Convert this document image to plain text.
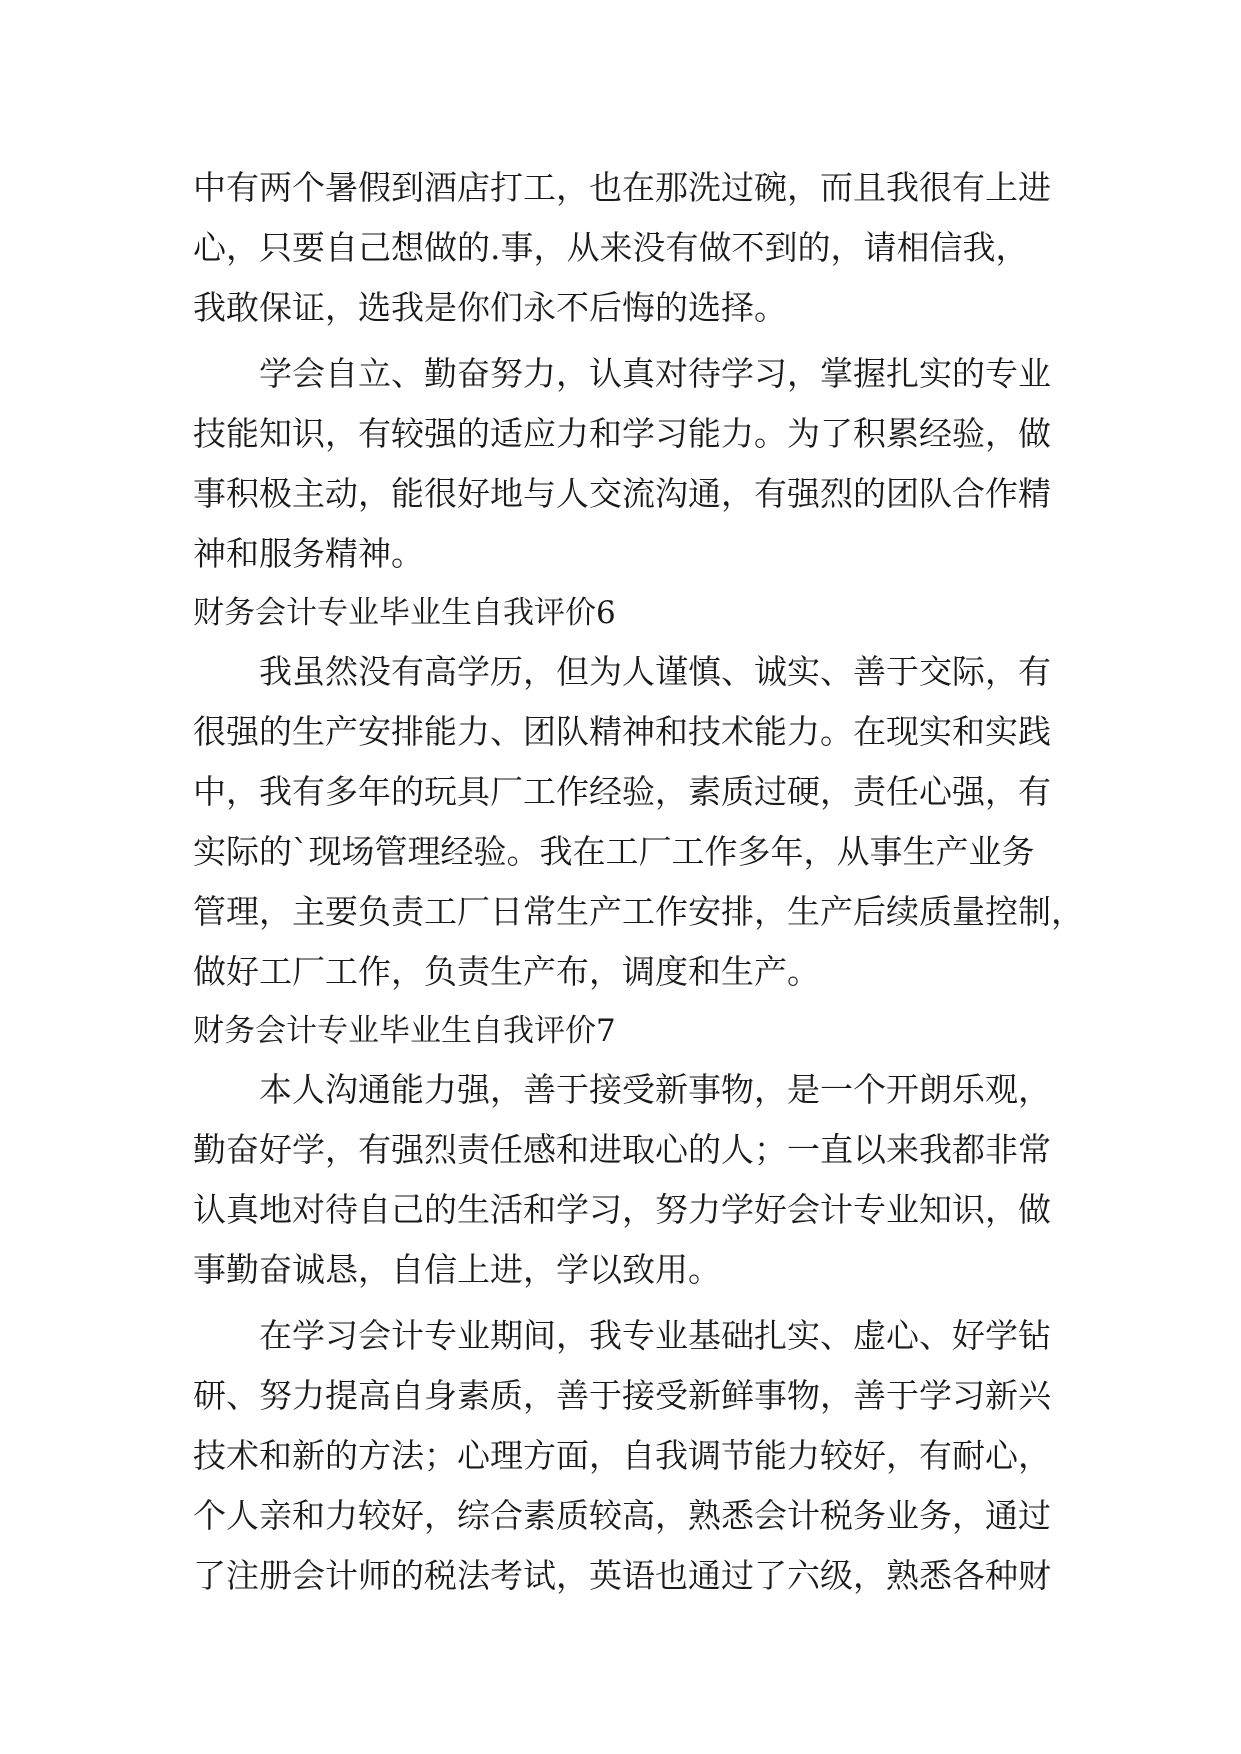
中有两个暑假到酒店打工，也在那洗过碗，而且我很有上进
心，只要自己想做的.事，从来没有做不到的，请相信我，
我敢保证，选我是你们永不后悔的选择。
　　学会自立、勤奋努力，认真对待学习，掌握扎实的专业
技能知识，有较强的适应力和学习能力。为了积累经验，做
事积极主动，能很好地与人交流沟通，有强烈的团队合作精
神和服务精神。
财务会计专业毕业生自我评价6
　　我虽然没有高学历，但为人谨慎、诚实、善于交际，有
很强的生产安排能力、团队精神和技术能力。在现实和实践
中，我有多年的玩具厂工作经验，素质过硬，责任心强，有
实际的`现场管理经验。我在工厂工作多年，从事生产业务
管理，主要负责工厂日常生产工作安排，生产后续质量控制，
做好工厂工作，负责生产布，调度和生产。
财务会计专业毕业生自我评价7
　　本人沟通能力强，善于接受新事物，是一个开朗乐观，
勤奋好学，有强烈责任感和进取心的人；一直以来我都非常
认真地对待自己的生活和学习，努力学好会计专业知识，做
事勤奋诚恳，自信上进，学以致用。
　　在学习会计专业期间，我专业基础扎实、虚心、好学钻
研、努力提高自身素质，善于接受新鲜事物，善于学习新兴
技术和新的方法；心理方面，自我调节能力较好，有耐心，
个人亲和力较好，综合素质较高，熟悉会计税务业务，通过
了注册会计师的税法考试，英语也通过了六级，熟悉各种财
